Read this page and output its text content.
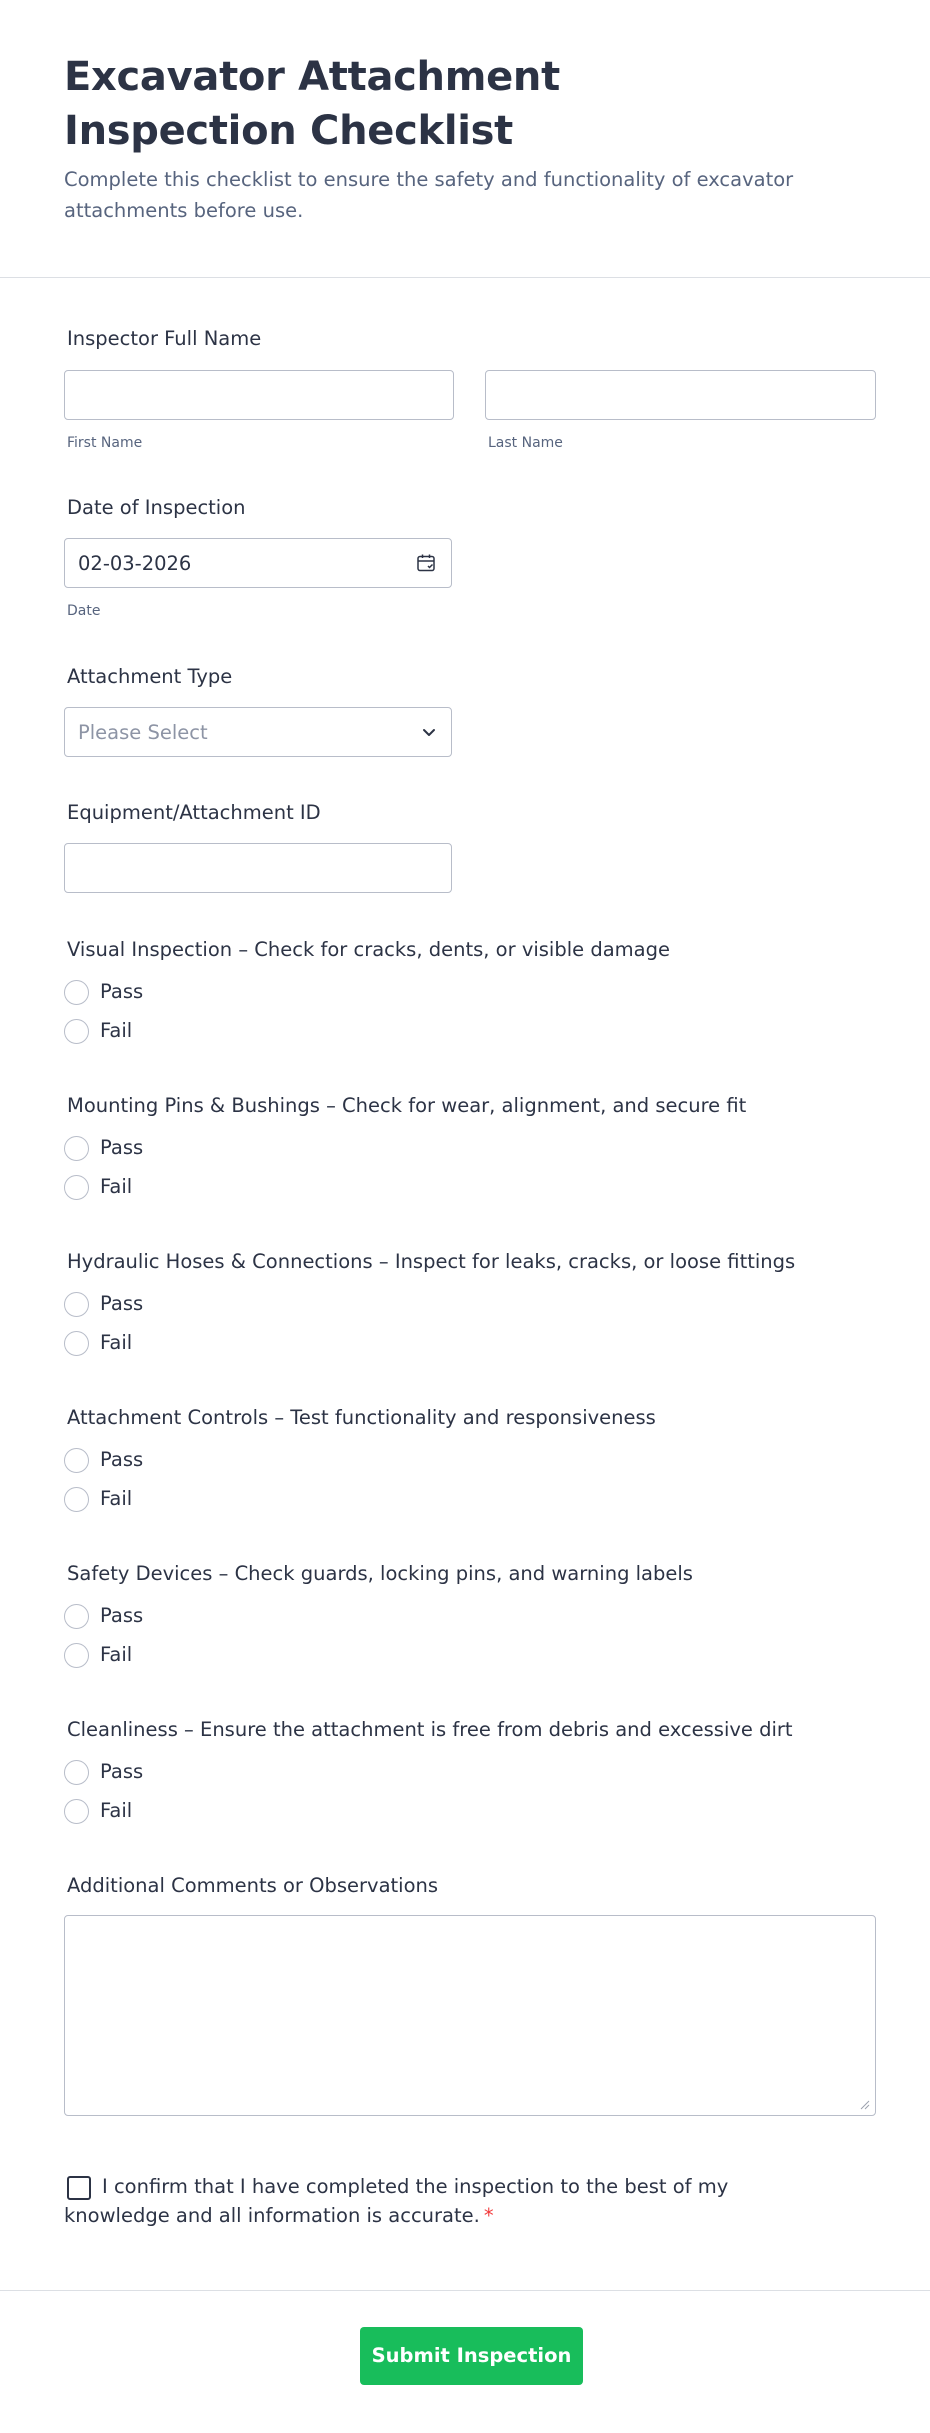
Excavator Attachment Inspection Checklist

Complete this checklist to ensure the safety and functionality of excavator attachments before use.

Inspector Full Name
First Name	Last Name
Date of Inspection
02-03-2026
Date
Attachment Type
Please Select
Equipment/Attachment ID
Visual Inspection – Check for cracks, dents, or visible damage
Pass
Fail
Mounting Pins & Bushings – Check for wear, alignment, and secure fit
Pass
Fail
Hydraulic Hoses & Connections – Inspect for leaks, cracks, or loose fittings
Pass
Fail
Attachment Controls – Test functionality and responsiveness
Pass
Fail
Safety Devices – Check guards, locking pins, and warning labels
Pass
Fail
Cleanliness – Ensure the attachment is free from debris and excessive dirt
Pass
Fail
Additional Comments or Observations

I confirm that I have completed the inspection to the best of my knowledge and all information is accurate. *

Submit Inspection
